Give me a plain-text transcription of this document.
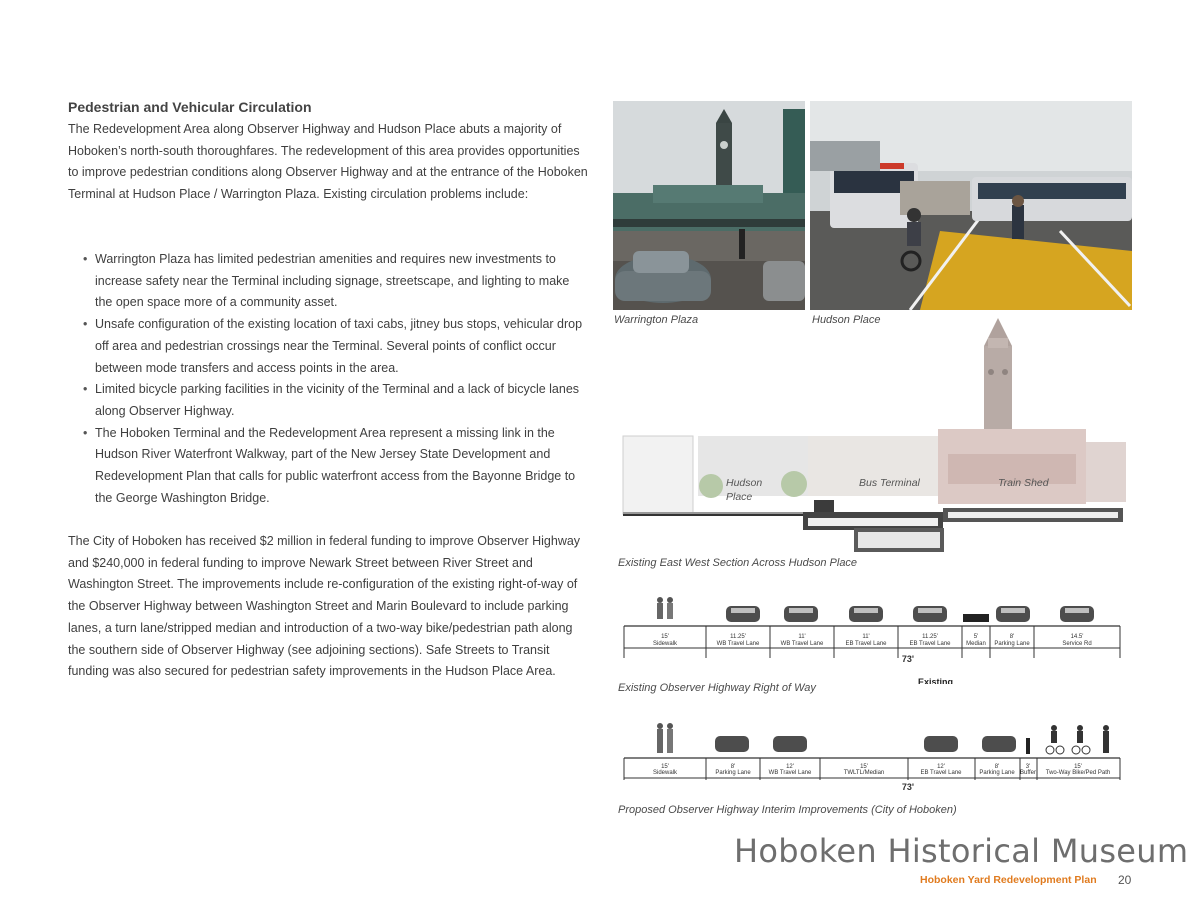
Pedestrian and Vehicular Circulation

The Redevelopment Area along Observer Highway and Hudson Place abuts a majority of Hoboken’s north-south thoroughfares. The redevelopment of this area provides opportunities to improve pedestrian conditions along Observer Highway and at the entrance of the Hoboken Terminal at Hudson Place / Warrington Plaza. Existing circulation problems include:

• Warrington Plaza has limited pedestrian amenities and requires new investments to increase safety near the Terminal including signage, streetscape, and lighting to make the open space more of a community asset.
• Unsafe configuration of the existing location of taxi cabs, jitney bus stops, vehicular drop off area and pedestrian crossings near the Terminal. Several points of conflict occur between mode transfers and access points in the area.
• Limited bicycle parking facilities in the vicinity of the Terminal and a lack of bicycle lanes along Observer Highway.
• The Hoboken Terminal and the Redevelopment Area represent a missing link in the Hudson River Waterfront Walkway, part of the New Jersey State Development and Redevelopment Plan that calls for public waterfront access from the Bayonne Bridge to the George Washington Bridge.

The City of Hoboken has received $2 million in federal funding to improve Observer Highway and $240,000 in federal funding to improve Newark Street between River Street and Washington Street. The improvements include re-configuration of the existing right-of-way of the Observer Highway between Washington Street and Marin Boulevard to include parking lanes, a turn lane/stripped median and introduction of a two-way bike/pedestrian path along the southern side of Observer Highway (see adjoining sections). Safe Streets to Transit funding was also secured for pedestrian safety improvements in the Hudson Place Area.

Warrington Plaza	Hudson Place
Hudson
Place
Bus Terminal	Train Shed
Existing East West Section Across Hudson Place
15'
Sidewalk
11.25'
WB Travel Lane
11'
WB Travel Lane
11'
EB Travel Lane
11.25'
EB Travel Lane
5'
Median
8'
Parking Lane
14.5'
Service Rd
73'
Existing
Existing Observer Highway Right of Way
15'
Sidewalk
8'
Parking Lane
12'
WB Travel Lane
15'
TWLTL/Median
12'
EB Travel Lane
8'
Parking Lane
3'
Buffer
15'
Two-Way Bike/Ped Path
73'
Proposed Observer Highway Interim Improvements (City of Hoboken)
Hoboken Historical Museum
Hoboken Yard Redevelopment Plan 20
